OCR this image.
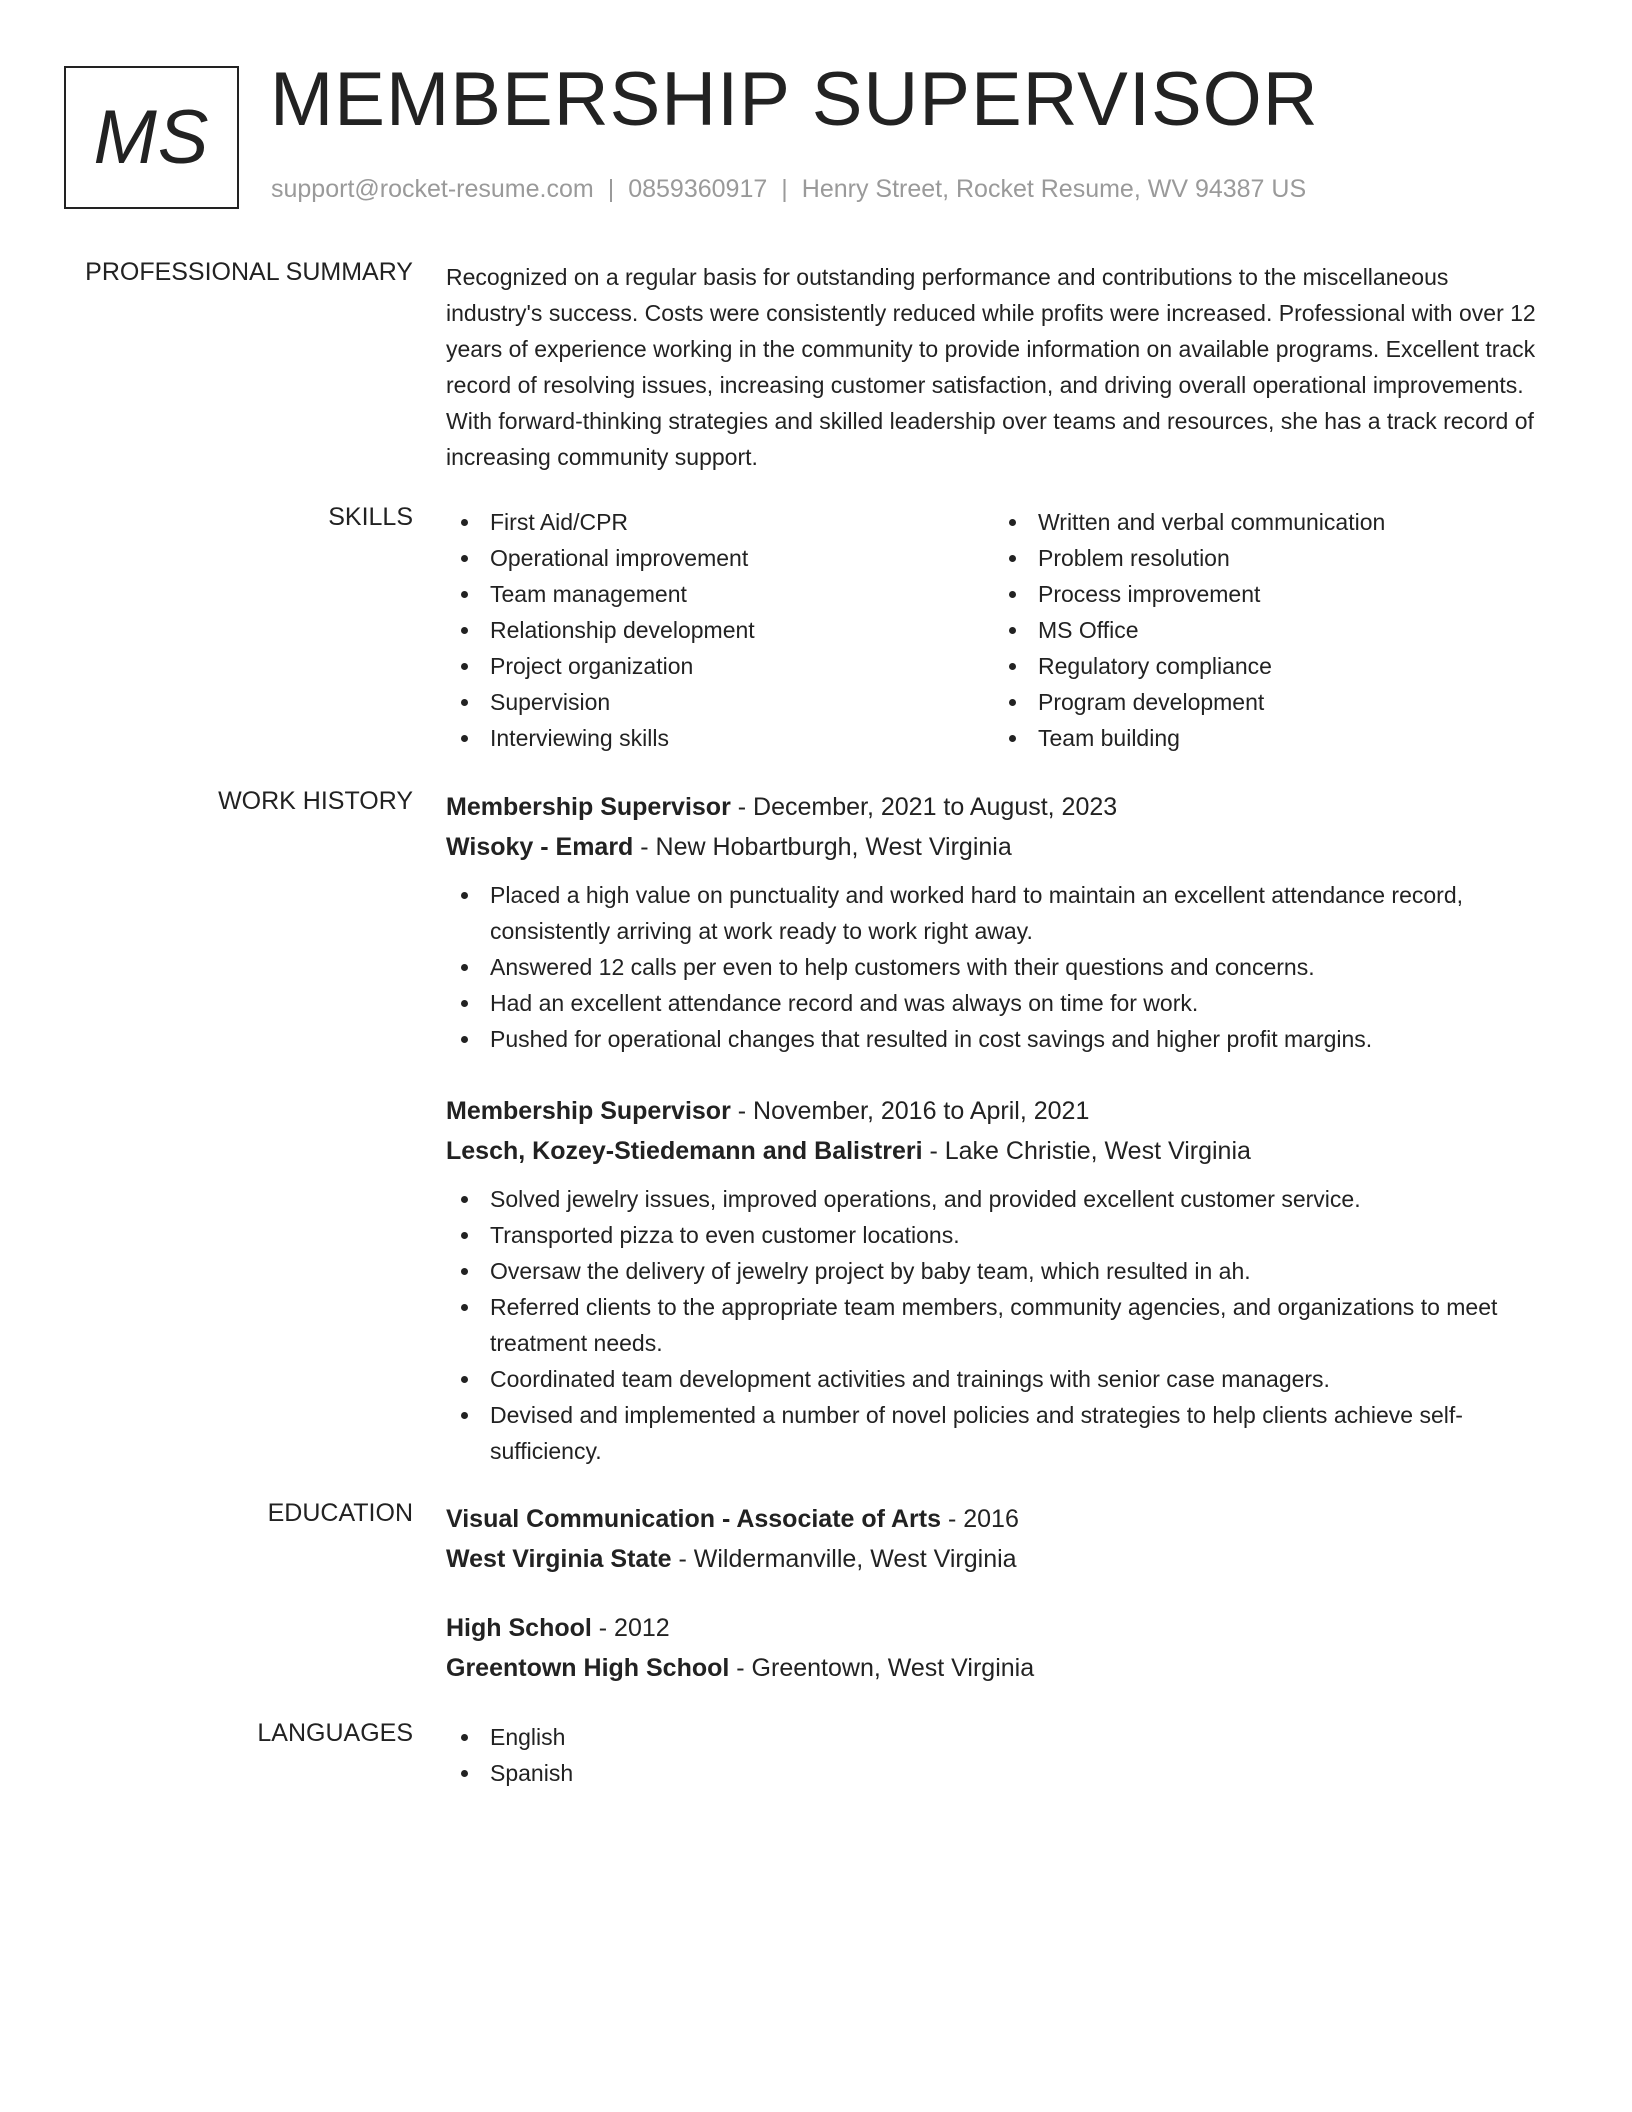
MS MEMBERSHIP SUPERVISOR
support@rocket-resume.com | 0859360917 | Henry Street, Rocket Resume, WV 94387 US
PROFESSIONAL SUMMARY Recognized on a regular basis for outstanding performance and contributions to the miscellaneous industry's success. Costs were consistently reduced while profits were increased. Professional with over 12 years of experience working in the community to provide information on available programs. Excellent track record of resolving issues, increasing customer satisfaction, and driving overall operational improvements. With forward-thinking strategies and skilled leadership over teams and resources, she has a track record of increasing community support.
SKILLS	First Aid/CPR
Operational improvement
Team management
Relationship development
Project organization
Supervision
Interviewing skills
Written and verbal communication
Problem resolution
Process improvement
MS Office
Regulatory compliance
Program development
Team building
WORK HISTORY Membership Supervisor - December, 2021 to August, 2023
Wisoky - Emard - New Hobartburgh, West Virginia
Placed a high value on punctuality and worked hard to maintain an excellent attendance record, consistently arriving at work ready to work right away.
Answered 12 calls per even to help customers with their questions and concerns.
Had an excellent attendance record and was always on time for work.
Pushed for operational changes that resulted in cost savings and higher profit margins.
Membership Supervisor - November, 2016 to April, 2021
Lesch, Kozey-Stiedemann and Balistreri - Lake Christie, West Virginia
Solved jewelry issues, improved operations, and provided excellent customer service.
Transported pizza to even customer locations.
Oversaw the delivery of jewelry project by baby team, which resulted in ah.
Referred clients to the appropriate team members, community agencies, and organizations to meet treatment needs.
Coordinated team development activities and trainings with senior case managers.
Devised and implemented a number of novel policies and strategies to help clients achieve self-sufficiency.
EDUCATION Visual Communication - Associate of Arts - 2016
West Virginia State - Wildermanville, West Virginia
High School - 2012
Greentown High School - Greentown, West Virginia
LANGUAGES	English
Spanish
